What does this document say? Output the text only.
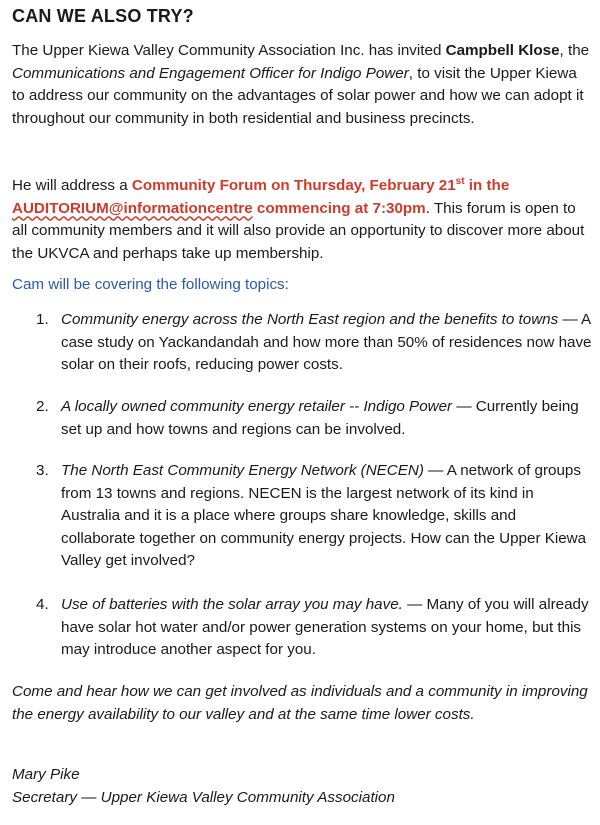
CAN WE ALSO TRY?

The Upper Kiewa Valley Community Association Inc. has invited Campbell Klose, the Communications and Engagement Officer for Indigo Power, to visit the Upper Kiewa to address our community on the advantages of solar power and how we can adopt it throughout our community in both residential and business precincts.

He will address a Community Forum on Thursday, February 21st in the AUDITORIUM@informationcentre commencing at 7:30pm. This forum is open to all community members and it will also provide an opportunity to discover more about the UKVCA and perhaps take up membership.

Cam will be covering the following topics:

1. Community energy across the North East region and the benefits to towns — A case study on Yackandandah and how more than 50% of residences now have solar on their roofs, reducing power costs.
2. A locally owned community energy retailer -- Indigo Power — Currently being set up and how towns and regions can be involved.
3. The North East Community Energy Network (NECEN) — A network of groups from 13 towns and regions. NECEN is the largest network of its kind in Australia and it is a place where groups share knowledge, skills and collaborate together on community energy projects. How can the Upper Kiewa Valley get involved?
4. Use of batteries with the solar array you may have. — Many of you will already have solar hot water and/or power generation systems on your home, but this may introduce another aspect for you.

Come and hear how we can get involved as individuals and a community in improving the energy availability to our valley and at the same time lower costs.

Mary Pike

Secretary — Upper Kiewa Valley Community Association
